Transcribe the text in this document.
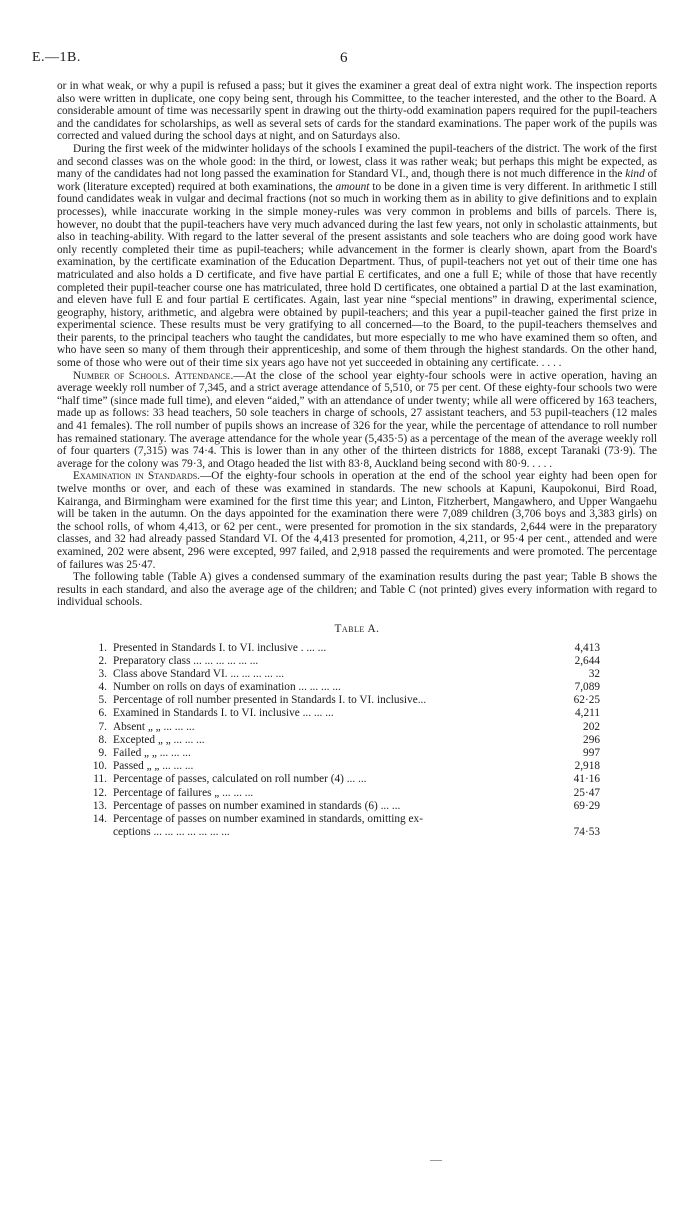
E.—1B.	6

or in what weak, or why a pupil is refused a pass; but it gives the examiner a great deal of extra night work. The inspection reports also were written in duplicate, one copy being sent, through his Committee, to the teacher interested, and the other to the Board. A considerable amount of time was necessarily spent in drawing out the thirty-odd examination papers required for the pupil-teachers and the candidates for scholarships, as well as several sets of cards for the standard examinations. The paper work of the pupils was corrected and valued during the school days at night, and on Saturdays also.

During the first week of the midwinter holidays of the schools I examined the pupil-teachers of the district. The work of the first and second classes was on the whole good: in the third, or lowest, class it was rather weak; but perhaps this might be expected, as many of the candidates had not long passed the examination for Standard VI., and, though there is not much difference in the kind of work (literature excepted) required at both examinations, the amount to be done in a given time is very different. In arithmetic I still found candidates weak in vulgar and decimal fractions (not so much in working them as in ability to give definitions and to explain processes), while inaccurate working in the simple money-rules was very common in problems and bills of parcels. There is, however, no doubt that the pupil-teachers have very much advanced during the last few years, not only in scholastic attainments, but also in teaching-ability. With regard to the latter several of the present assistants and sole teachers who are doing good work have only recently completed their time as pupil-teachers; while advancement in the former is clearly shown, apart from the Board's examination, by the certificate examination of the Education Department. Thus, of pupil-teachers not yet out of their time one has matriculated and also holds a D certificate, and five have partial E certificates, and one a full E; while of those that have recently completed their pupil-teacher course one has matriculated, three hold D certificates, one obtained a partial D at the last examination, and eleven have full E and four partial E certificates. Again, last year nine “special mentions” in drawing, experimental science, geography, history, arithmetic, and algebra were obtained by pupil-teachers; and this year a pupil-teacher gained the first prize in experimental science. These results must be very gratifying to all concerned—to the Board, to the pupil-teachers themselves and their parents, to the principal teachers who taught the candidates, but more especially to me who have examined them so often, and who have seen so many of them through their apprenticeship, and some of them through the highest standards. On the other hand, some of those who were out of their time six years ago have not yet succeeded in obtaining any certificate. . . . .

Number of Schools. Attendance.—At the close of the school year eighty-four schools were in active operation, having an average weekly roll number of 7,345, and a strict average attendance of 5,510, or 75 per cent. Of these eighty-four schools two were “half time” (since made full time), and eleven “aided,” with an attendance of under twenty; while all were officered by 163 teachers, made up as follows: 33 head teachers, 50 sole teachers in charge of schools, 27 assistant teachers, and 53 pupil-teachers (12 males and 41 females). The roll number of pupils shows an increase of 326 for the year, while the percentage of attendance to roll number has remained stationary. The average attendance for the whole year (5,435·5) as a percentage of the mean of the average weekly roll of four quarters (7,315) was 74·4. This is lower than in any other of the thirteen districts for 1888, except Taranaki (73·9). The average for the colony was 79·3, and Otago headed the list with 83·8, Auckland being second with 80·9. . . . .

Examination in Standards.—Of the eighty-four schools in operation at the end of the school year eighty had been open for twelve months or over, and each of these was examined in standards. The new schools at Kapuni, Kaupokonui, Bird Road, Kairanga, and Birmingham were examined for the first time this year; and Linton, Fitzherbert, Mangawhero, and Upper Wangaehu will be taken in the autumn. On the days appointed for the examination there were 7,089 children (3,706 boys and 3,383 girls) on the school rolls, of whom 4,413, or 62 per cent., were presented for promotion in the six standards, 2,644 were in the preparatory classes, and 32 had already passed Standard VI. Of the 4,413 presented for promotion, 4,211, or 95·4 per cent., attended and were examined, 202 were absent, 296 were excepted, 997 failed, and 2,918 passed the requirements and were promoted. The percentage of failures was 25·47.

The following table (Table A) gives a condensed summary of the examination results during the past year; Table B shows the results in each standard, and also the average age of the children; and Table C (not printed) gives every information with regard to individual schools.

Table A.
1. Presented in Standards I. to VI. inclusive . ... ...	4,413
2. Preparatory class ... ... ... ... ... ...	2,644
3. Class above Standard VI. ... ... ... ... ...	32
4. Number on rolls on days of examination ... ... ... ...	7,089
5. Percentage of roll number presented in Standards I. to VI. inclusive...	62·25
6. Examined in Standards I. to VI. inclusive ... ... ...	4,211
7. Absent „ „ ... ... ...	202
8. Excepted „ „ ... ... ...	296
9. Failed „ „ ... ... ...	997
10. Passed „ „ ... ... ...	2,918
11. Percentage of passes, calculated on roll number (4) ... ...	41·16
12. Percentage of failures „ ... ... ...	25·47
13. Percentage of passes on number examined in standards (6) ... ...	69·29
14. Percentage of passes on number examined in standards, omitting ex-
ceptions ... ... ... ... ... ... ...	74·53
